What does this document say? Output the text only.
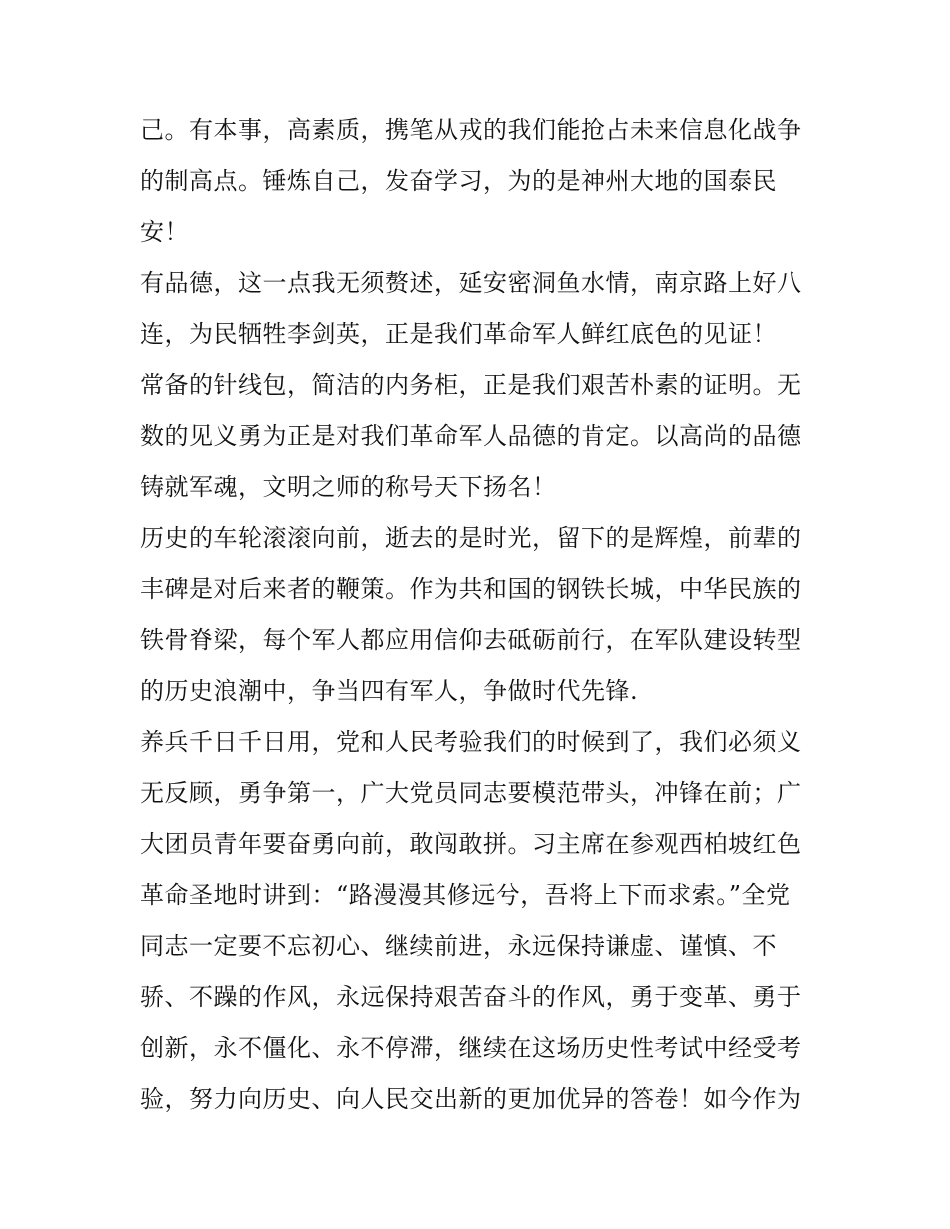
己。有本事，高素质，携笔从戎的我们能抢占未来信息化战争
的制高点。锤炼自己，发奋学习，为的是神州大地的国泰民
安！
有品德，这一点我无须赘述，延安密洞鱼水情，南京路上好八
连，为民牺牲李剑英，正是我们革命军人鲜红底色的见证！
常备的针线包，简洁的内务柜，正是我们艰苦朴素的证明。无
数的见义勇为正是对我们革命军人品德的肯定。以高尚的品德
铸就军魂，文明之师的称号天下扬名！
历史的车轮滚滚向前，逝去的是时光，留下的是辉煌，前辈的
丰碑是对后来者的鞭策。作为共和国的钢铁长城，中华民族的
铁骨脊梁，每个军人都应用信仰去砥砺前行，在军队建设转型
的历史浪潮中，争当四有军人，争做时代先锋.
养兵千日千日用，党和人民考验我们的时候到了，我们必须义
无反顾，勇争第一，广大党员同志要模范带头，冲锋在前；广
大团员青年要奋勇向前，敢闯敢拼。习主席在参观西柏坡红色
革命圣地时讲到：“路漫漫其修远兮，吾将上下而求索。”全党
同志一定要不忘初心、继续前进，永远保持谦虚、谨慎、不
骄、不躁的作风，永远保持艰苦奋斗的作风，勇于变革、勇于
创新，永不僵化、永不停滞，继续在这场历史性考试中经受考
验，努力向历史、向人民交出新的更加优异的答卷！如今作为
